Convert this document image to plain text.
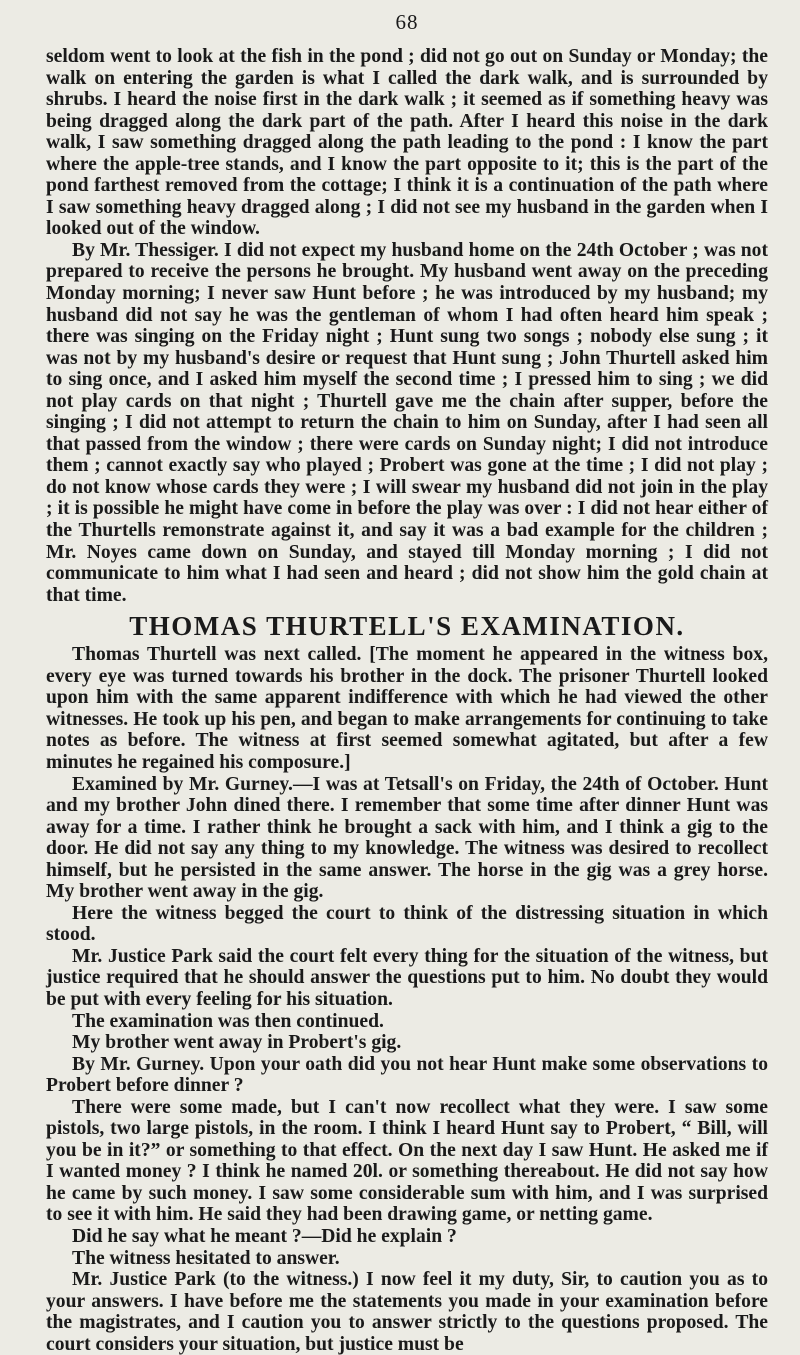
68

seldom went to look at the fish in the pond ; did not go out on Sunday or Monday; the walk on entering the garden is what I called the dark walk, and is surrounded by shrubs. I heard the noise first in the dark walk ; it seemed as if something heavy was being dragged along the dark part of the path. After I heard this noise in the dark walk, I saw something dragged along the path leading to the pond : I know the part where the apple-tree stands, and I know the part opposite to it; this is the part of the pond farthest removed from the cottage; I think it is a continuation of the path where I saw something heavy dragged along ; I did not see my husband in the garden when I looked out of the window.

By Mr. Thessiger. I did not expect my husband home on the 24th October ; was not prepared to receive the persons he brought. My husband went away on the preceding Monday morning; I never saw Hunt before ; he was introduced by my husband; my husband did not say he was the gentleman of whom I had often heard him speak ; there was singing on the Friday night ; Hunt sung two songs ; nobody else sung ; it was not by my husband's desire or request that Hunt sung ; John Thurtell asked him to sing once, and I asked him myself the second time ; I pressed him to sing ; we did not play cards on that night ; Thurtell gave me the chain after supper, before the singing ; I did not attempt to return the chain to him on Sunday, after I had seen all that passed from the window ; there were cards on Sunday night; I did not introduce them ; cannot exactly say who played ; Probert was gone at the time ; I did not play ; do not know whose cards they were ; I will swear my husband did not join in the play ; it is possible he might have come in before the play was over : I did not hear either of the Thurtells remonstrate against it, and say it was a bad example for the children ; Mr. Noyes came down on Sunday, and stayed till Monday morning ; I did not communicate to him what I had seen and heard ; did not show him the gold chain at that time.

THOMAS THURTELL'S EXAMINATION.

Thomas Thurtell was next called. [The moment he appeared in the witness box, every eye was turned towards his brother in the dock. The prisoner Thurtell looked upon him with the same apparent indifference with which he had viewed the other witnesses. He took up his pen, and began to make arrangements for continuing to take notes as before. The witness at first seemed somewhat agitated, but after a few minutes he regained his composure.]

Examined by Mr. Gurney.—I was at Tetsall's on Friday, the 24th of October. Hunt and my brother John dined there. I remember that some time after dinner Hunt was away for a time. I rather think he brought a sack with him, and I think a gig to the door. He did not say any thing to my knowledge. The witness was desired to recollect himself, but he persisted in the same answer. The horse in the gig was a grey horse. My brother went away in the gig.

Here the witness begged the court to think of the distressing situation in which stood.

Mr. Justice Park said the court felt every thing for the situation of the witness, but justice required that he should answer the questions put to him. No doubt they would be put with every feeling for his situation.

The examination was then continued.

My brother went away in Probert's gig.

By Mr. Gurney. Upon your oath did you not hear Hunt make some observations to Probert before dinner ?

There were some made, but I can't now recollect what they were. I saw some pistols, two large pistols, in the room. I think I heard Hunt say to Probert, “ Bill, will you be in it?” or something to that effect. On the next day I saw Hunt. He asked me if I wanted money ? I think he named 20l. or something thereabout. He did not say how he came by such money. I saw some considerable sum with him, and I was surprised to see it with him. He said they had been drawing game, or netting game.

Did he say what he meant ?—Did he explain ?

The witness hesitated to answer.

Mr. Justice Park (to the witness.) I now feel it my duty, Sir, to caution you as to your answers. I have before me the statements you made in your examination before the magistrates, and I caution you to answer strictly to the questions proposed. The court considers your situation, but justice must be
